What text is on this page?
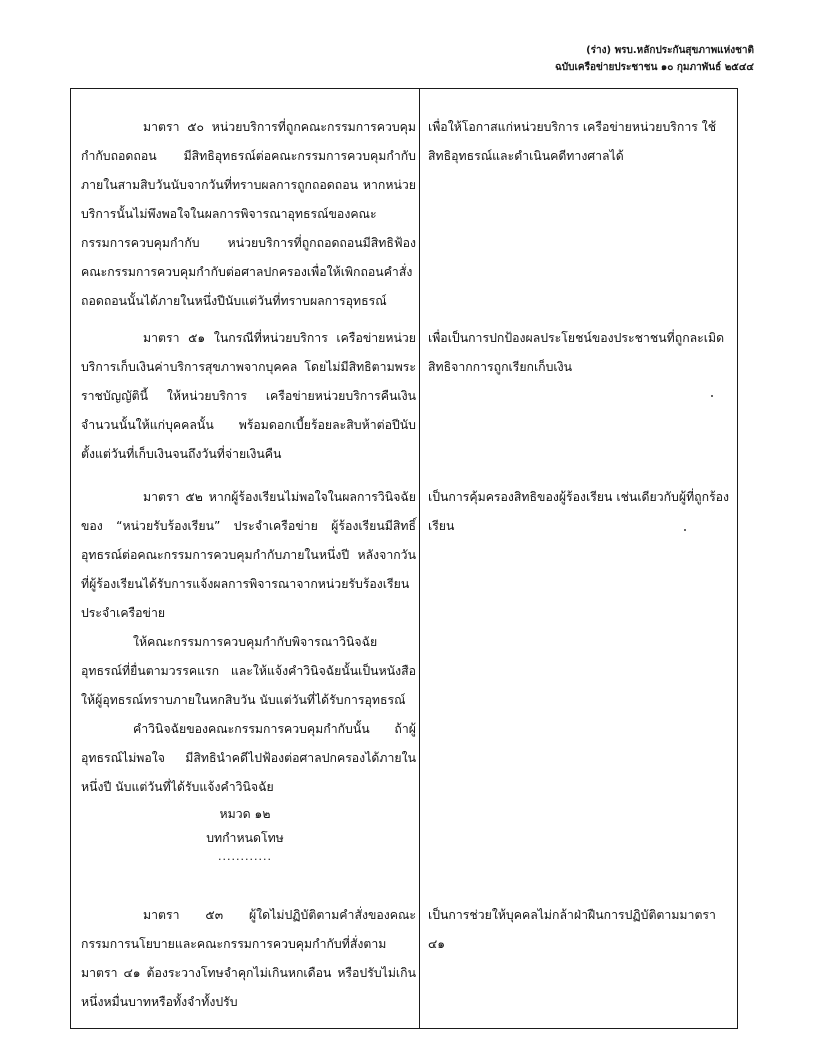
(ร่าง) พรบ.หลักประกันสุขภาพแห่งชาติ
ฉบับเครือข่ายประชาชน ๑๐ กุมภาพันธ์ ๒๕๔๔

มาตรา ๕๐ หน่วยบริการที่ถูกคณะกรรมการควบคุมกำกับถอดถอน มีสิทธิอุทธรณ์ต่อคณะกรรมการควบคุมกำกับภายในสามสิบวันนับจากวันที่ทราบผลการถูกถอดถอน หากหน่วยบริการนั้นไม่พึงพอใจในผลการพิจารณาอุทธรณ์ของคณะกรรมการควบคุมกำกับ หน่วยบริการที่ถูกถอดถอนมีสิทธิฟ้องคณะกรรมการควบคุมกำกับต่อศาลปกครองเพื่อให้เพิกถอนคำสั่งถอดถอนนั้นได้ภายในหนึ่งปีนับแต่วันที่ทราบผลการอุทธรณ์

เพื่อให้โอกาสแก่หน่วยบริการ เครือข่ายหน่วยบริการ ใช้สิทธิอุทธรณ์และดำเนินคดีทางศาลได้

มาตรา ๕๑ ในกรณีที่หน่วยบริการ เครือข่ายหน่วยบริการเก็บเงินค่าบริการสุขภาพจากบุคคล โดยไม่มีสิทธิตามพระราชบัญญัตินี้ ให้หน่วยบริการ เครือข่ายหน่วยบริการคืนเงินจำนวนนั้นให้แก่บุคคลนั้น พร้อมดอกเบี้ยร้อยละสิบห้าต่อปีนับตั้งแต่วันที่เก็บเงินจนถึงวันที่จ่ายเงินคืน

เพื่อเป็นการปกป้องผลประโยชน์ของประชาชนที่ถูกละเมิดสิทธิจากการถูกเรียกเก็บเงิน

มาตรา ๕๒ หากผู้ร้องเรียนไม่พอใจในผลการวินิจฉัยของ “หน่วยรับร้องเรียน” ประจำเครือข่าย ผู้ร้องเรียนมีสิทธิ์อุทธรณ์ต่อคณะกรรมการควบคุมกำกับภายในหนึ่งปี หลังจากวันที่ผู้ร้องเรียนได้รับการแจ้งผลการพิจารณาจากหน่วยรับร้องเรียนประจำเครือข่าย

ให้คณะกรรมการควบคุมกำกับพิจารณาวินิจฉัยอุทธรณ์ที่ยื่นตามวรรคแรก และให้แจ้งคำวินิจฉัยนั้นเป็นหนังสือให้ผู้อุทธรณ์ทราบภายในหกสิบวัน นับแต่วันที่ได้รับการอุทธรณ์

คำวินิจฉัยของคณะกรรมการควบคุมกำกับนั้น ถ้าผู้อุทธรณ์ไม่พอใจ มีสิทธินำคดีไปฟ้องต่อศาลปกครองได้ภายในหนึ่งปี นับแต่วันที่ได้รับแจ้งคำวินิจฉัย

เป็นการคุ้มครองสิทธิของผู้ร้องเรียน เช่นเดียวกับผู้ที่ถูกร้องเรียน

หมวด ๑๒
บทกำหนดโทษ
............

มาตรา ๕๓ ผู้ใดไม่ปฏิบัติตามคำสั่งของคณะกรรมการนโยบายและคณะกรรมการควบคุมกำกับที่สั่งตามมาตรา ๔๑ ต้องระวางโทษจำคุกไม่เกินหกเดือน หรือปรับไม่เกินหนึ่งหมื่นบาทหรือทั้งจำทั้งปรับ

เป็นการช่วยให้บุคคลไม่กล้าฝ่าฝืนการปฏิบัติตามมาตรา ๔๑
